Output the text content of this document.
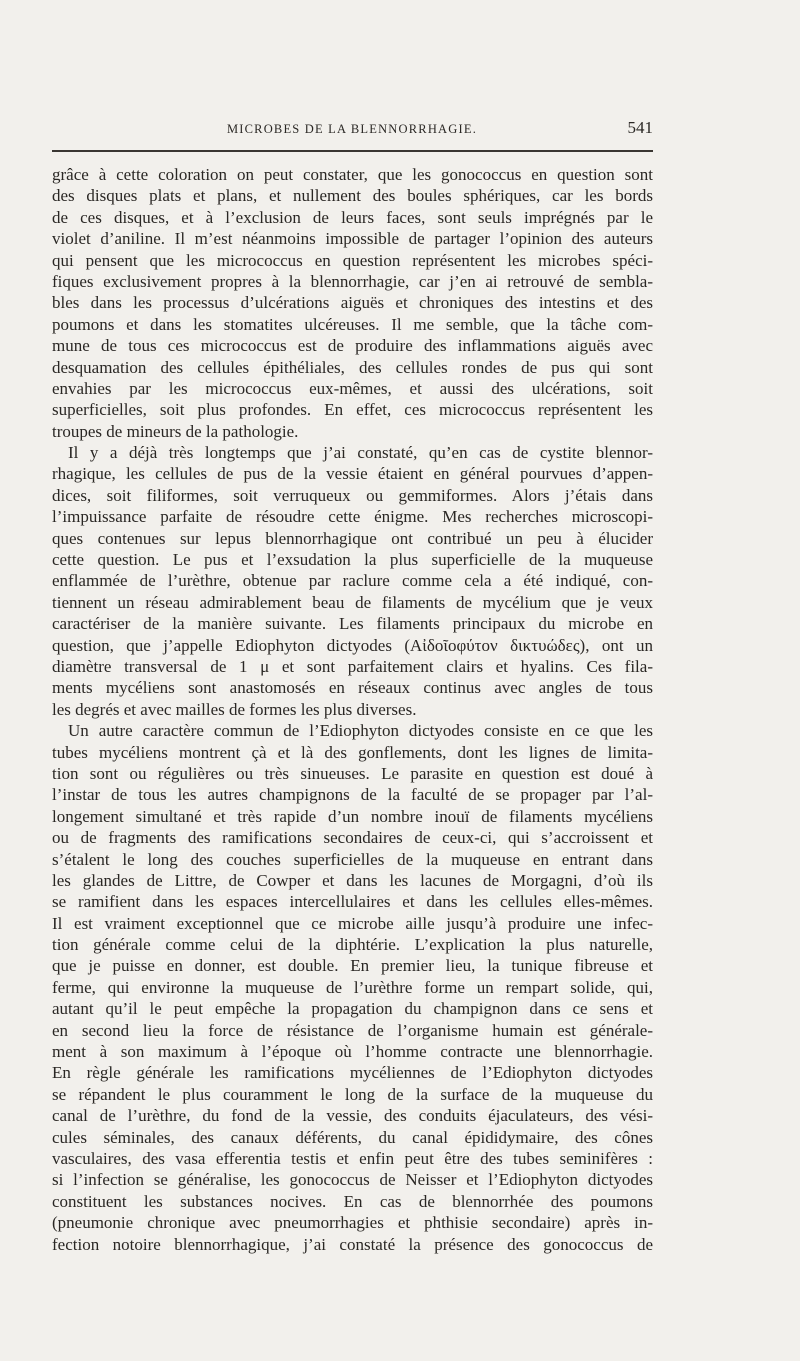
MICROBES DE LA BLENNORRHAGIE.	541
grâce à cette coloration on peut constater, que les gonococcus en question sont
des disques plats et plans, et nullement des boules sphériques, car les bords
de ces disques, et à l’exclusion de leurs faces, sont seuls imprégnés par le
violet d’aniline. Il m’est néanmoins impossible de partager l’opinion des auteurs
qui pensent que les micrococcus en question représentent les microbes spéci-
fiques exclusivement propres à la blennorrhagie, car j’en ai retrouvé de sembla-
bles dans les processus d’ulcérations aiguës et chroniques des intestins et des
poumons et dans les stomatites ulcéreuses. Il me semble, que la tâche com-
mune de tous ces micrococcus est de produire des inflammations aiguës avec
desquamation des cellules épithéliales, des cellules rondes de pus qui sont
envahies par les micrococcus eux-mêmes, et aussi des ulcérations, soit
superficielles, soit plus profondes. En effet, ces micrococcus représentent les
troupes de mineurs de la pathologie.
Il y a déjà très longtemps que j’ai constaté, qu’en cas de cystite blennor-
rhagique, les cellules de pus de la vessie étaient en général pourvues d’appen-
dices, soit filiformes, soit verruqueux ou gemmiformes. Alors j’étais dans
l’impuissance parfaite de résoudre cette énigme. Mes recherches microscopi-
ques contenues sur lepus blennorrhagique ont contribué un peu à élucider
cette question. Le pus et l’exsudation la plus superficielle de la muqueuse
enflammée de l’urèthre, obtenue par raclure comme cela a été indiqué, con-
tiennent un réseau admirablement beau de filaments de mycélium que je veux
caractériser de la manière suivante. Les filaments principaux du microbe en
question, que j’appelle Ediophyton dictyodes (Αἰδοῖοφύτον δικτυώδες), ont un
diamètre transversal de 1 μ et sont parfaitement clairs et hyalins. Ces fila-
ments mycéliens sont anastomosés en réseaux continus avec angles de tous
les degrés et avec mailles de formes les plus diverses.
Un autre caractère commun de l’Ediophyton dictyodes consiste en ce que les
tubes mycéliens montrent çà et là des gonflements, dont les lignes de limita-
tion sont ou régulières ou très sinueuses. Le parasite en question est doué à
l’instar de tous les autres champignons de la faculté de se propager par l’al-
longement simultané et très rapide d’un nombre inouï de filaments mycéliens
ou de fragments des ramifications secondaires de ceux-ci, qui s’accroissent et
s’étalent le long des couches superficielles de la muqueuse en entrant dans
les glandes de Littre, de Cowper et dans les lacunes de Morgagni, d’où ils
se ramifient dans les espaces intercellulaires et dans les cellules elles-mêmes.
Il est vraiment exceptionnel que ce microbe aille jusqu’à produire une infec-
tion générale comme celui de la diphtérie. L’explication la plus naturelle,
que je puisse en donner, est double. En premier lieu, la tunique fibreuse et
ferme, qui environne la muqueuse de l’urèthre forme un rempart solide, qui,
autant qu’il le peut empêche la propagation du champignon dans ce sens et
en second lieu la force de résistance de l’organisme humain est générale-
ment à son maximum à l’époque où l’homme contracte une blennorrhagie.
En règle générale les ramifications mycéliennes de l’Ediophyton dictyodes
se répandent le plus couramment le long de la surface de la muqueuse du
canal de l’urèthre, du fond de la vessie, des conduits éjaculateurs, des vési-
cules séminales, des canaux déférents, du canal épididymaire, des cônes
vasculaires, des vasa efferentia testis et enfin peut être des tubes seminifères :
si l’infection se généralise, les gonococcus de Neisser et l’Ediophyton dictyodes
constituent les substances nocives. En cas de blennorrhée des poumons
(pneumonie chronique avec pneumorrhagies et phthisie secondaire) après in-
fection notoire blennorrhagique, j’ai constaté la présence des gonococcus de
